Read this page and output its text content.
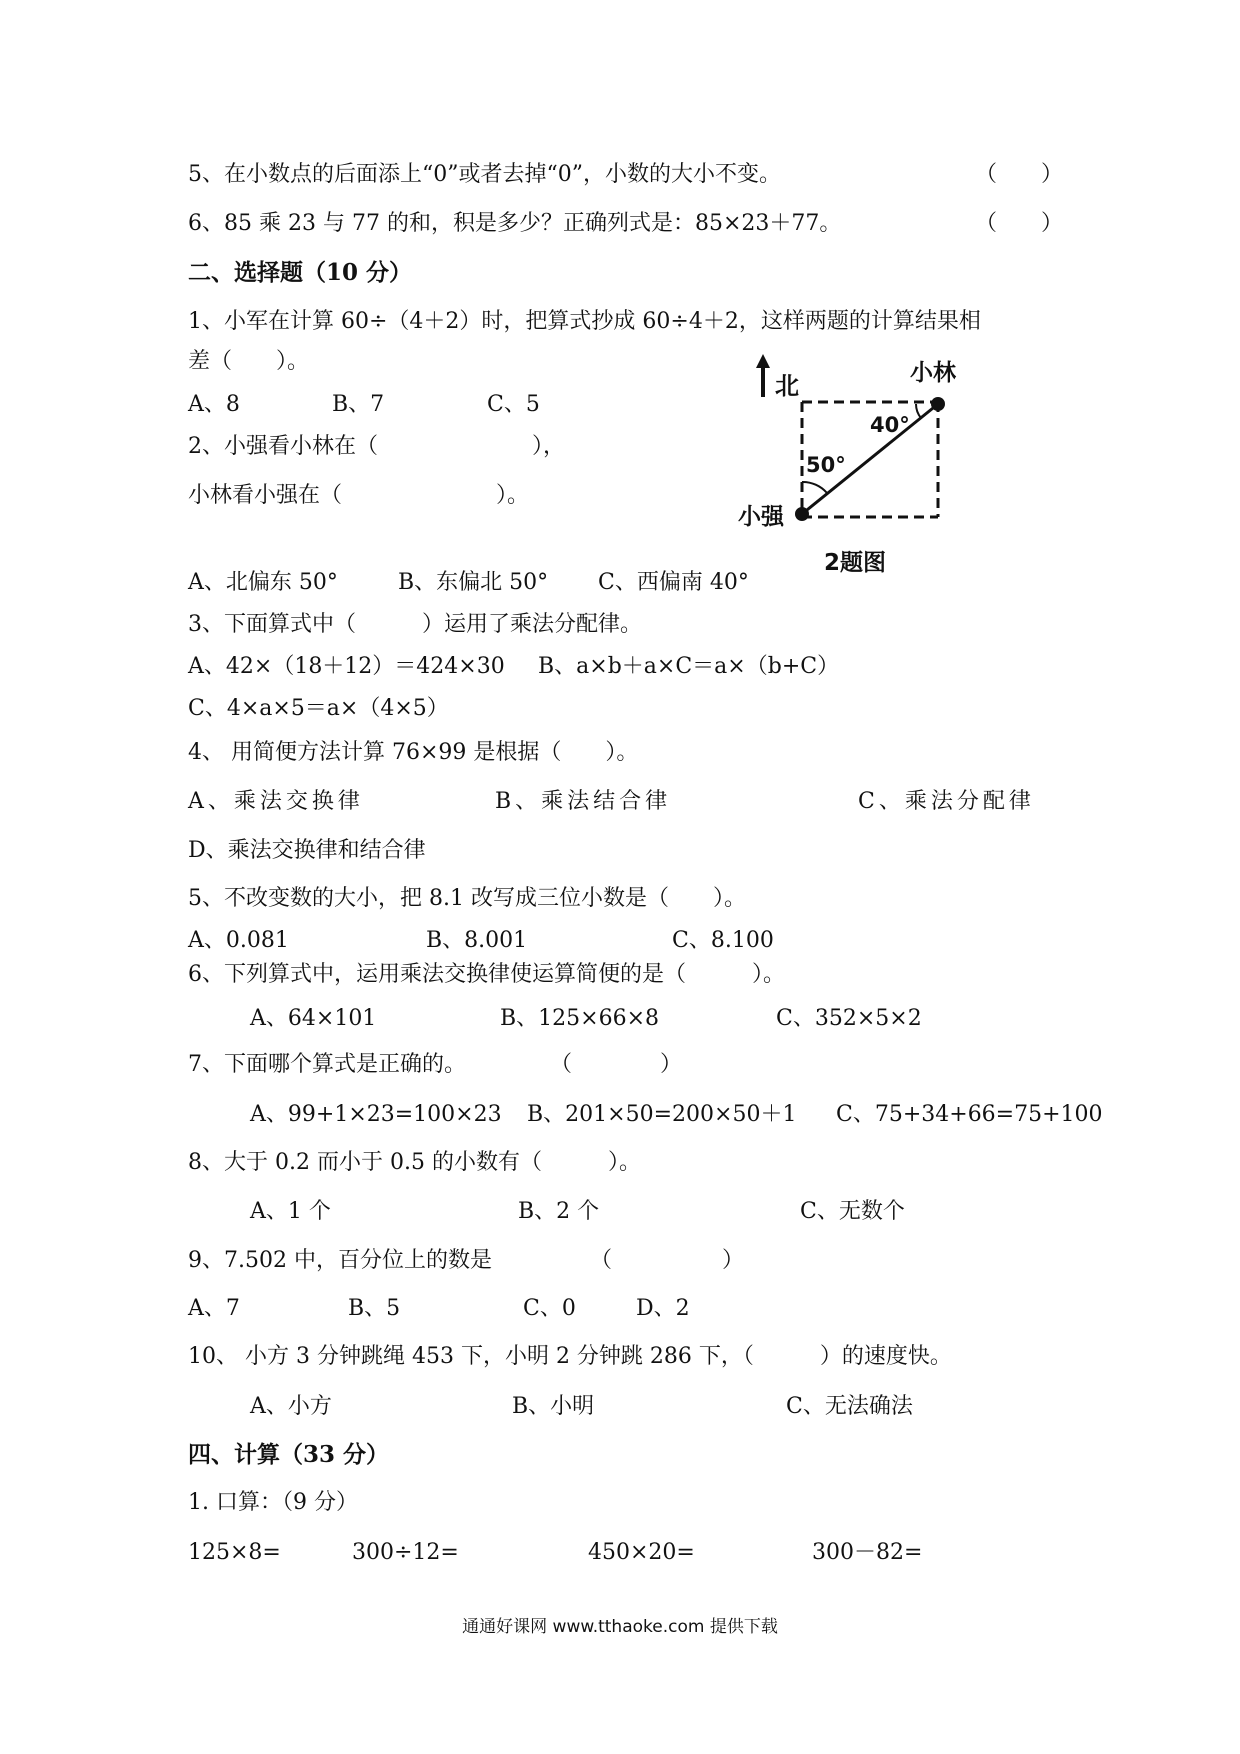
5、在小数点的后面添上“0”或者去掉“0”，小数的大小不变。	（　　）
6、85 乘 23 与 77 的和，积是多少？正确列式是：85×23＋77。	（　　）
二、选择题（10 分）
1、小军在计算 60÷（4＋2）时，把算式抄成 60÷4＋2，这样两题的计算结果相
差（　　）。
A、8	B、7	C、5
2、小强看小林在（　　　　　　　），
小林看小强在（　　　　　　　）。
北
50°
40°
小林
小强
2题图
A、北偏东 50°	B、东偏北 50° C、西偏南 40°
3、下面算式中（　　　）运用了乘法分配律。
A、42×（18＋12）＝424×30 B、a×b＋a×C＝a×（b+C）
C、4×a×5＝a×（4×5）
4、 用简便方法计算 76×99 是根据（　　）。
A、乘法交换律	B、乘法结合律	C、乘法分配律
D、乘法交换律和结合律
5、不改变数的大小，把 8.1 改写成三位小数是（　　）。
A、0.081	B、8.001	C、8.100
6、下列算式中，运用乘法交换律使运算简便的是（　　　）。
A、64×101	B、125×66×8	C、352×5×2
7、下面哪个算式是正确的。	（　　　　）
A、99+1×23=100×23 B、201×50=200×50＋1 C、75+34+66=75+100
8、大于 0.2 而小于 0.5 的小数有（　　　）。
A、1 个	B、2 个	C、无数个
9、7.502 中，百分位上的数是	（　　　　　）
A、7	B、5	C、0	D、2
10、 小方 3 分钟跳绳 453 下，小明 2 分钟跳 286 下，（　　　）的速度快。
A、小方	B、小明	C、无法确法
四、计算（33 分）
1. 口算：（9 分）
125×8=	300÷12=	450×20=	300－82=
通通好课网 www.tthaoke.com 提供下载
